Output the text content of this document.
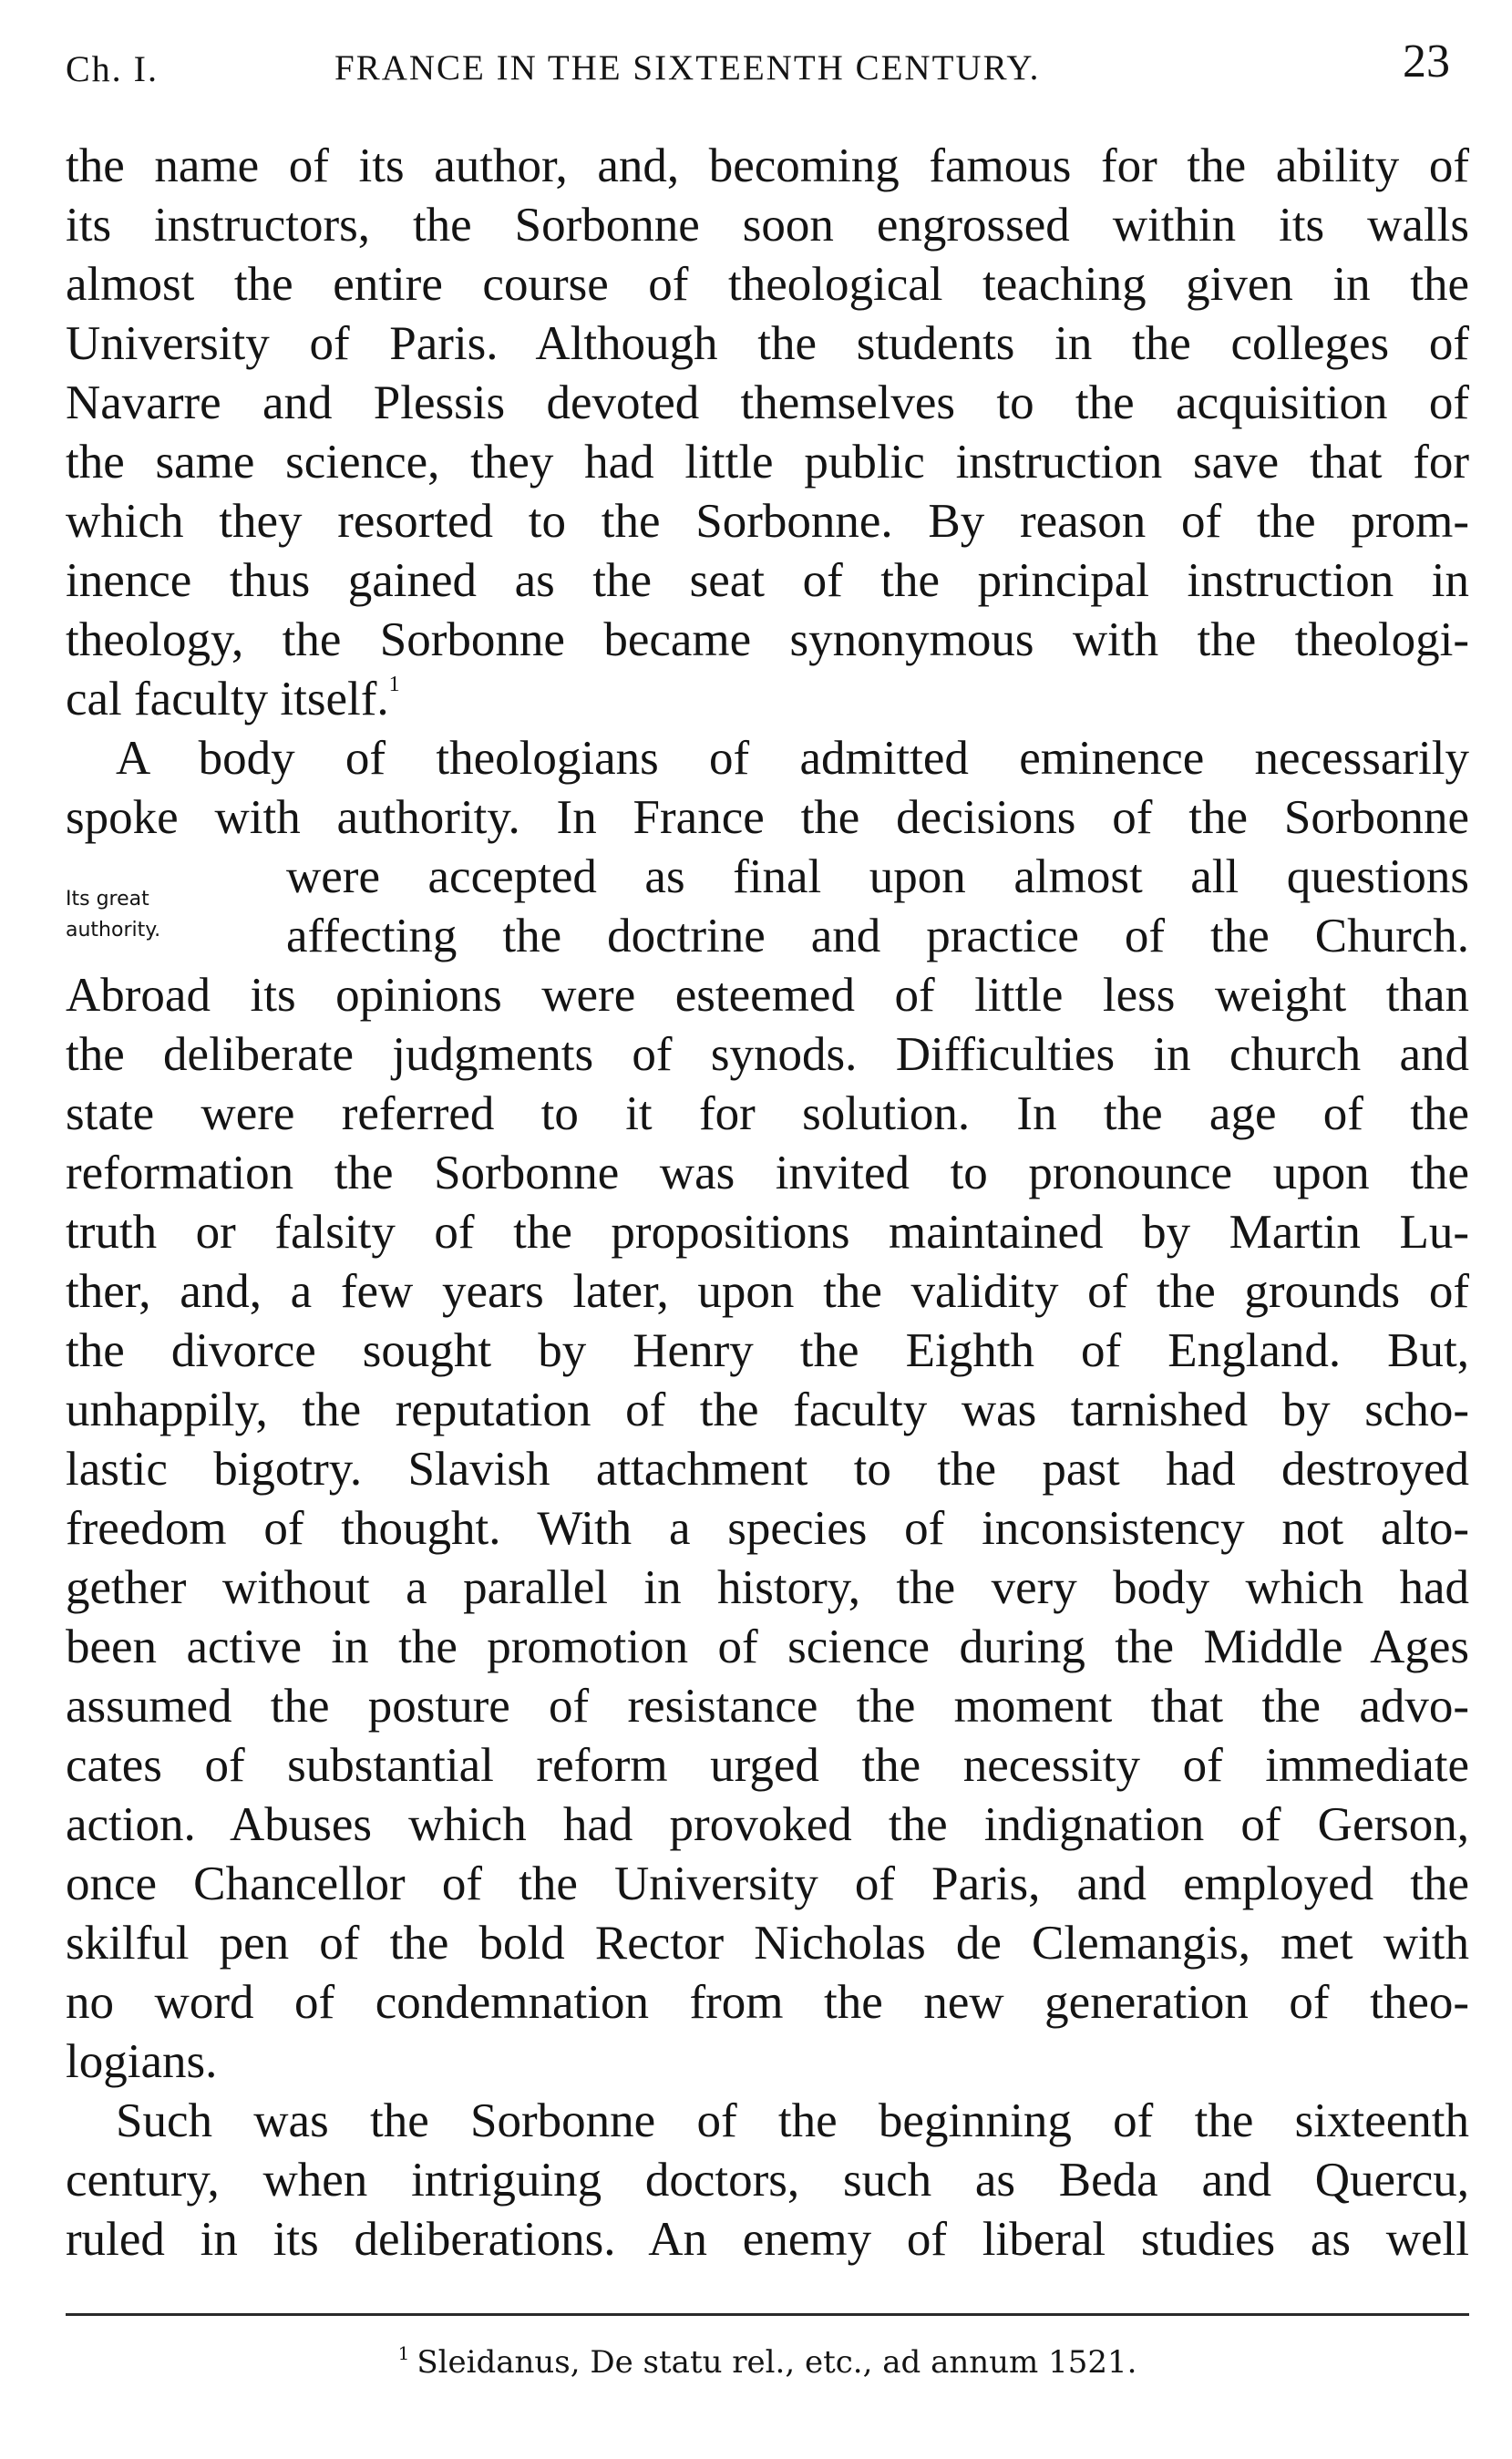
Ch. I.	FRANCE IN THE SIXTEENTH CENTURY.	23
Its great
authority.
the name of its author, and, becoming famous for the ability of
its instructors, the Sorbonne soon engrossed within its walls
almost the entire course of theological teaching given in the
University of Paris. Although the students in the colleges of
Navarre and Plessis devoted themselves to the acquisition of
the same science, they had little public instruction save that for
which they resorted to the Sorbonne. By reason of the prom-
inence thus gained as the seat of the principal instruction in
theology, the Sorbonne became synonymous with the theologi-
cal faculty itself.$^1$
A body of theologians of admitted eminence necessarily
spoke with authority. In France the decisions of the Sorbonne
were accepted as final upon almost all questions
affecting the doctrine and practice of the Church.
Abroad its opinions were esteemed of little less weight than
the deliberate judgments of synods. Difficulties in church and
state were referred to it for solution. In the age of the
reformation the Sorbonne was invited to pronounce upon the
truth or falsity of the propositions maintained by Martin Lu-
ther, and, a few years later, upon the validity of the grounds of
the divorce sought by Henry the Eighth of England. But,
unhappily, the reputation of the faculty was tarnished by scho-
lastic bigotry. Slavish attachment to the past had destroyed
freedom of thought. With a species of inconsistency not alto-
gether without a parallel in history, the very body which had
been active in the promotion of science during the Middle Ages
assumed the posture of resistance the moment that the advo-
cates of substantial reform urged the necessity of immediate
action. Abuses which had provoked the indignation of Gerson,
once Chancellor of the University of Paris, and employed the
skilful pen of the bold Rector Nicholas de Clemangis, met with
no word of condemnation from the new generation of theo-
logians.
Such was the Sorbonne of the beginning of the sixteenth
century, when intriguing doctors, such as Beda and Quercu,
ruled in its deliberations. An enemy of liberal studies as well
$^1$ Sleidanus, De statu rel., etc., ad annum 1521.
